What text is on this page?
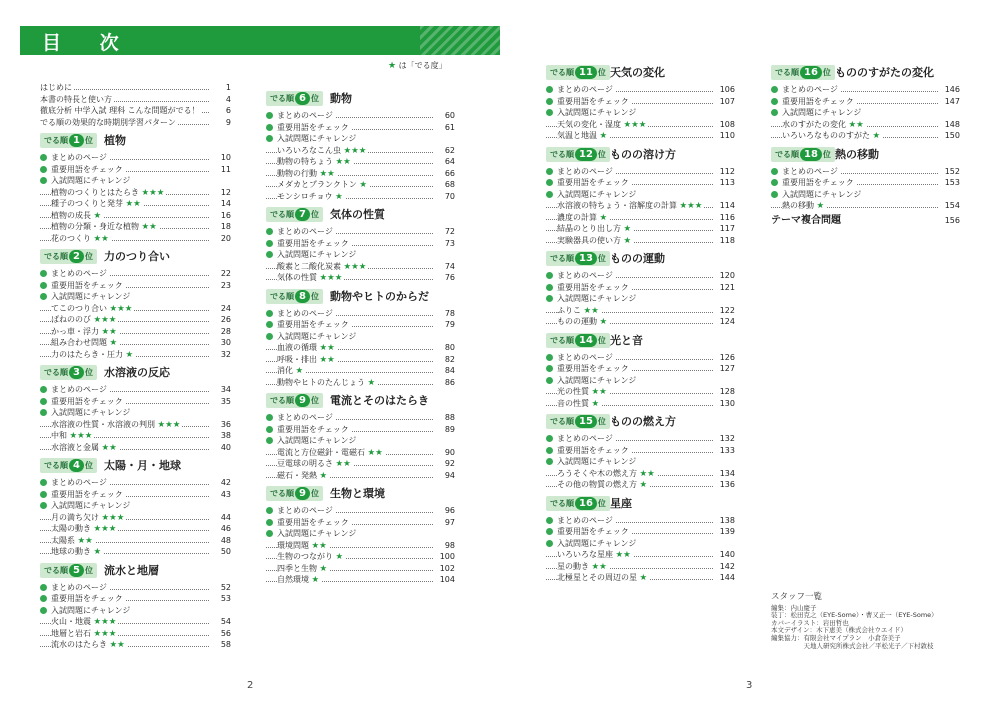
目 次
★ は「でる度」
はじめに	1
本書の特長と使い方	4
徹底分析 中学入試 理科 こんな問題がでる！	6
でる順の効果的な時期別学習パターン	9
でる順 1 位	植物
まとめのページ	10
重要用語をチェック	11
入試問題にチャレンジ
植物のつくりとはたらき ★★★	12
種子のつくりと発芽 ★★	14
植物の成長 ★	16
植物の分類・身近な植物 ★★	18
花のつくり ★★	20
でる順 2 位	力のつり合い
まとめのページ	22
重要用語をチェック	23
入試問題にチャレンジ
てこのつり合い ★★★	24
ばねののび ★★★	26
かっ車・浮力 ★★	28
組み合わせ問題 ★	30
力のはたらき・圧力 ★	32
でる順 3 位	水溶液の反応
まとめのページ	34
重要用語をチェック	35
入試問題にチャレンジ
水溶液の性質・水溶液の判別 ★★★	36
中和 ★★★	38
水溶液と金属 ★★	40
でる順 4 位	太陽・月・地球
まとめのページ	42
重要用語をチェック	43
入試問題にチャレンジ
月の満ち欠け ★★★	44
太陽の動き ★★★	46
太陽系 ★★	48
地球の動き ★	50
でる順 5 位	流水と地層
まとめのページ	52
重要用語をチェック	53
入試問題にチャレンジ
火山・地震 ★★★	54
地層と岩石 ★★★	56
流水のはたらき ★★	58
でる順 6 位	動物
まとめのページ	60
重要用語をチェック	61
入試問題にチャレンジ
いろいろなこん虫 ★★★	62
動物の特ちょう ★★	64
動物の行動 ★★	66
メダカとプランクトン ★	68
モンシロチョウ ★	70
でる順 7 位	気体の性質
まとめのページ	72
重要用語をチェック	73
入試問題にチャレンジ
酸素と二酸化炭素 ★★★	74
気体の性質 ★★★	76
でる順 8 位	動物やヒトのからだ
まとめのページ	78
重要用語をチェック	79
入試問題にチャレンジ
血液の循環 ★★	80
呼吸・排出 ★★	82
消化 ★	84
動物やヒトのたんじょう ★	86
でる順 9 位	電流とそのはたらき
まとめのページ	88
重要用語をチェック	89
入試問題にチャレンジ
電流と方位磁針・電磁石 ★★	90
豆電球の明るさ ★★	92
磁石・発熱 ★	94
でる順 9 位	生物と環境
まとめのページ	96
重要用語をチェック	97
入試問題にチャレンジ
環境問題 ★★	98
生物のつながり ★	100
四季と生物 ★	102
自然環境 ★	104
でる順 11 位 天気の変化
まとめのページ	106
重要用語をチェック	107
入試問題にチャレンジ
天気の変化・湿度 ★★★	108
気温と地温 ★	110
でる順 12 位 ものの溶け方
まとめのページ	112
重要用語をチェック	113
入試問題にチャレンジ
水溶液の特ちょう・溶解度の計算 ★★★	114
濃度の計算 ★	116
結晶のとり出し方 ★	117
実験器具の使い方 ★	118
でる順 13 位 ものの運動
まとめのページ	120
重要用語をチェック	121
入試問題にチャレンジ
ふりこ ★★	122
ものの運動 ★	124
でる順 14 位 光と音
まとめのページ	126
重要用語をチェック	127
入試問題にチャレンジ
光の性質 ★★	128
音の性質 ★	130
でる順 15 位 ものの燃え方
まとめのページ	132
重要用語をチェック	133
入試問題にチャレンジ
ろうそくや木の燃え方 ★★	134
その他の物質の燃え方 ★	136
でる順 16 位 星座
まとめのページ	138
重要用語をチェック	139
入試問題にチャレンジ
いろいろな星座 ★★	140
星の動き ★★	142
北極星とその周辺の星 ★	144
でる順 16 位 もののすがたの変化
まとめのページ	146
重要用語をチェック	147
入試問題にチャレンジ
水のすがたの変化 ★★	148
いろいろなもののすがた ★	150
でる順 18 位 熱の移動
まとめのページ	152
重要用語をチェック	153
入試問題にチャレンジ
熱の移動 ★	154
テーマ複合問題	156
スタッフ一覧
編集：内山慶子
装丁：松田克之（EYE-Some）・曹又正一（EYE-Some）
カバーイラスト：岩田哲也
本文デザイン：木下恵美（株式会社ウエイド）
編集協力：有限会社マイプラン　小倉奈美子
　　　　　天地人研究所株式会社／平松光子／下村敦枝
2	3
